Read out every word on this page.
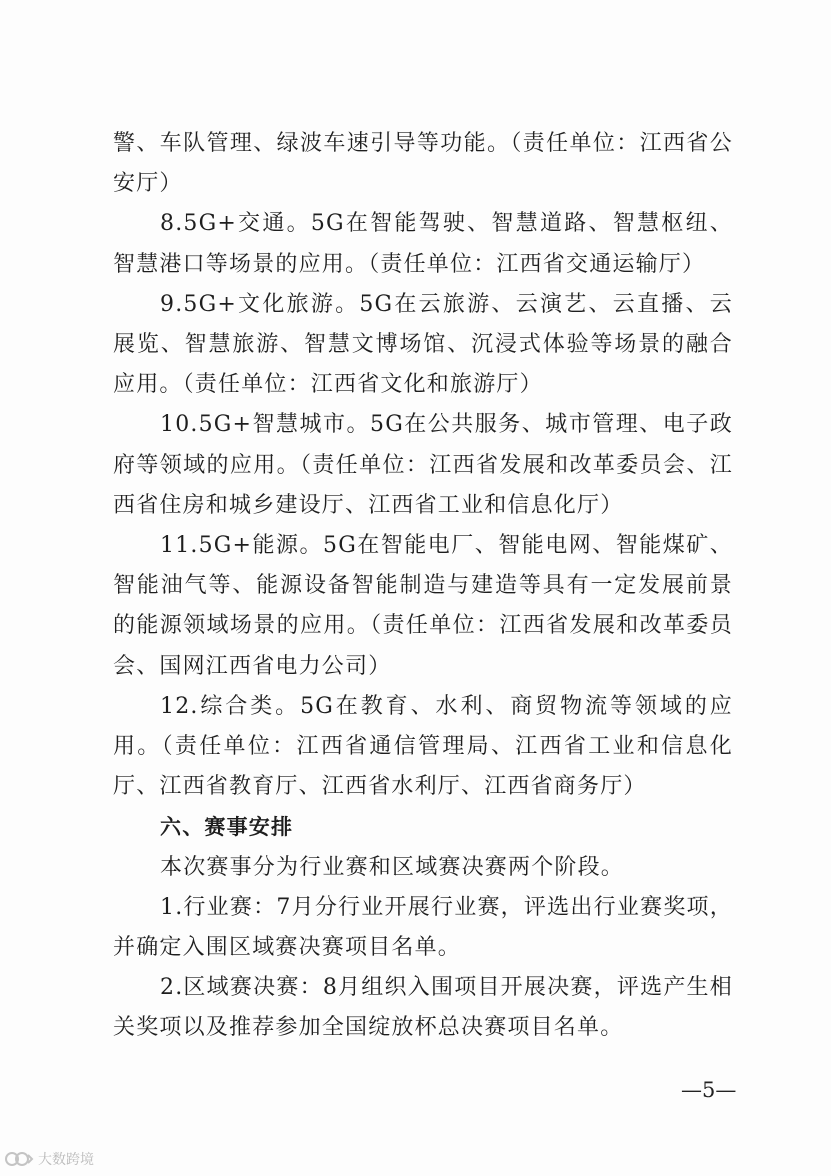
警、车队管理、绿波车速引导等功能。（责任单位：江西省公安厅）

8.5G+交通。5G在智能驾驶、智慧道路、智慧枢纽、智慧港口等场景的应用。（责任单位：江西省交通运输厅）

9.5G+文化旅游。5G在云旅游、云演艺、云直播、云展览、智慧旅游、智慧文博场馆、沉浸式体验等场景的融合应用。（责任单位：江西省文化和旅游厅）

10.5G+智慧城市。5G在公共服务、城市管理、电子政府等领域的应用。（责任单位：江西省发展和改革委员会、江西省住房和城乡建设厅、江西省工业和信息化厅）

11.5G+能源。5G在智能电厂、智能电网、智能煤矿、智能油气等、能源设备智能制造与建造等具有一定发展前景的能源领域场景的应用。（责任单位：江西省发展和改革委员会、国网江西省电力公司）

12.综合类。5G在教育、水利、商贸物流等领域的应用。（责任单位：江西省通信管理局、江西省工业和信息化厅、江西省教育厅、江西省水利厅、江西省商务厅）

六、赛事安排

本次赛事分为行业赛和区域赛决赛两个阶段。

1.行业赛：7月分行业开展行业赛，评选出行业赛奖项，并确定入围区域赛决赛项目名单。

2.区域赛决赛：8月组织入围项目开展决赛，评选产生相关奖项以及推荐参加全国绽放杯总决赛项目名单。

—5—
大数跨境
